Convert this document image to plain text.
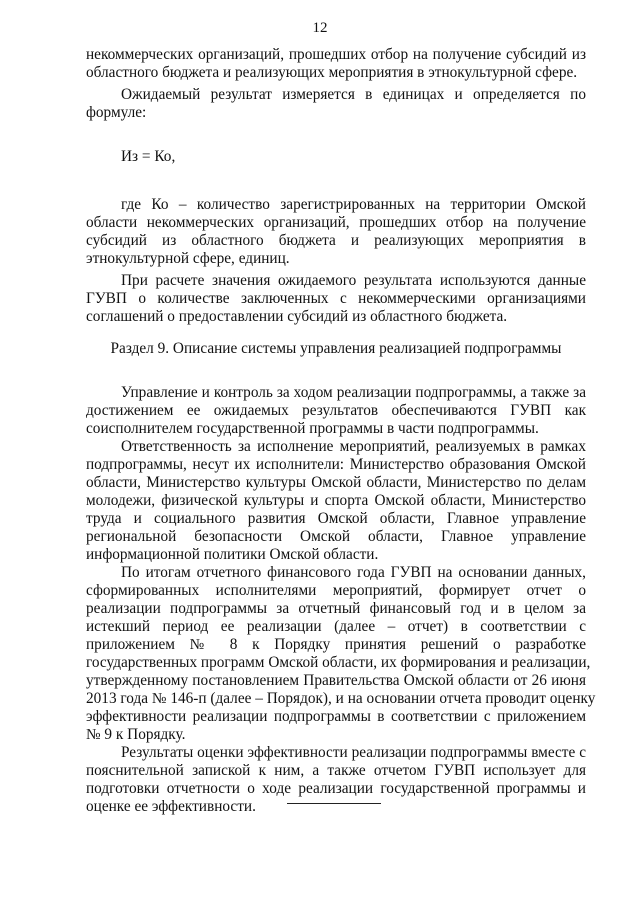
12
некоммерческих организаций, прошедших отбор на получение субсидий из
областного бюджета и реализующих мероприятия в этнокультурной сфере.
Ожидаемый результат измеряется в единицах и определяется по
формуле:
Из = Ко,
где Ко – количество зарегистрированных на территории Омской
области некоммерческих организаций, прошедших отбор на получение
субсидий из областного бюджета и реализующих мероприятия в
этнокультурной сфере, единиц.
При расчете значения ожидаемого результата используются данные
ГУВП о количестве заключенных с некоммерческими организациями
соглашений о предоставлении субсидий из областного бюджета.
Раздел 9. Описание системы управления реализацией подпрограммы
Управление и контроль за ходом реализации подпрограммы, а также за
достижением ее ожидаемых результатов обеспечиваются ГУВП как
соисполнителем государственной программы в части подпрограммы.
Ответственность за исполнение мероприятий, реализуемых в рамках
подпрограммы, несут их исполнители: Министерство образования Омской
области, Министерство культуры Омской области, Министерство по делам
молодежи, физической культуры и спорта Омской области, Министерство
труда и социального развития Омской области, Главное управление
региональной безопасности Омской области, Главное управление
информационной политики Омской области.
По итогам отчетного финансового года ГУВП на основании данных,
сформированных исполнителями мероприятий, формирует отчет о
реализации подпрограммы за отчетный финансовый год и в целом за
истекший период ее реализации (далее – отчет) в соответствии с
приложением № 8 к Порядку принятия решений о разработке
государственных программ Омской области, их формирования и реализации,
утвержденному постановлением Правительства Омской области от 26 июня
2013 года № 146-п (далее – Порядок), и на основании отчета проводит оценку
эффективности реализации подпрограммы в соответствии с приложением
№ 9 к Порядку.
Результаты оценки эффективности реализации подпрограммы вместе с
пояснительной запиской к ним, а также отчетом ГУВП использует для
подготовки отчетности о ходе реализации государственной программы и
оценке ее эффективности.
